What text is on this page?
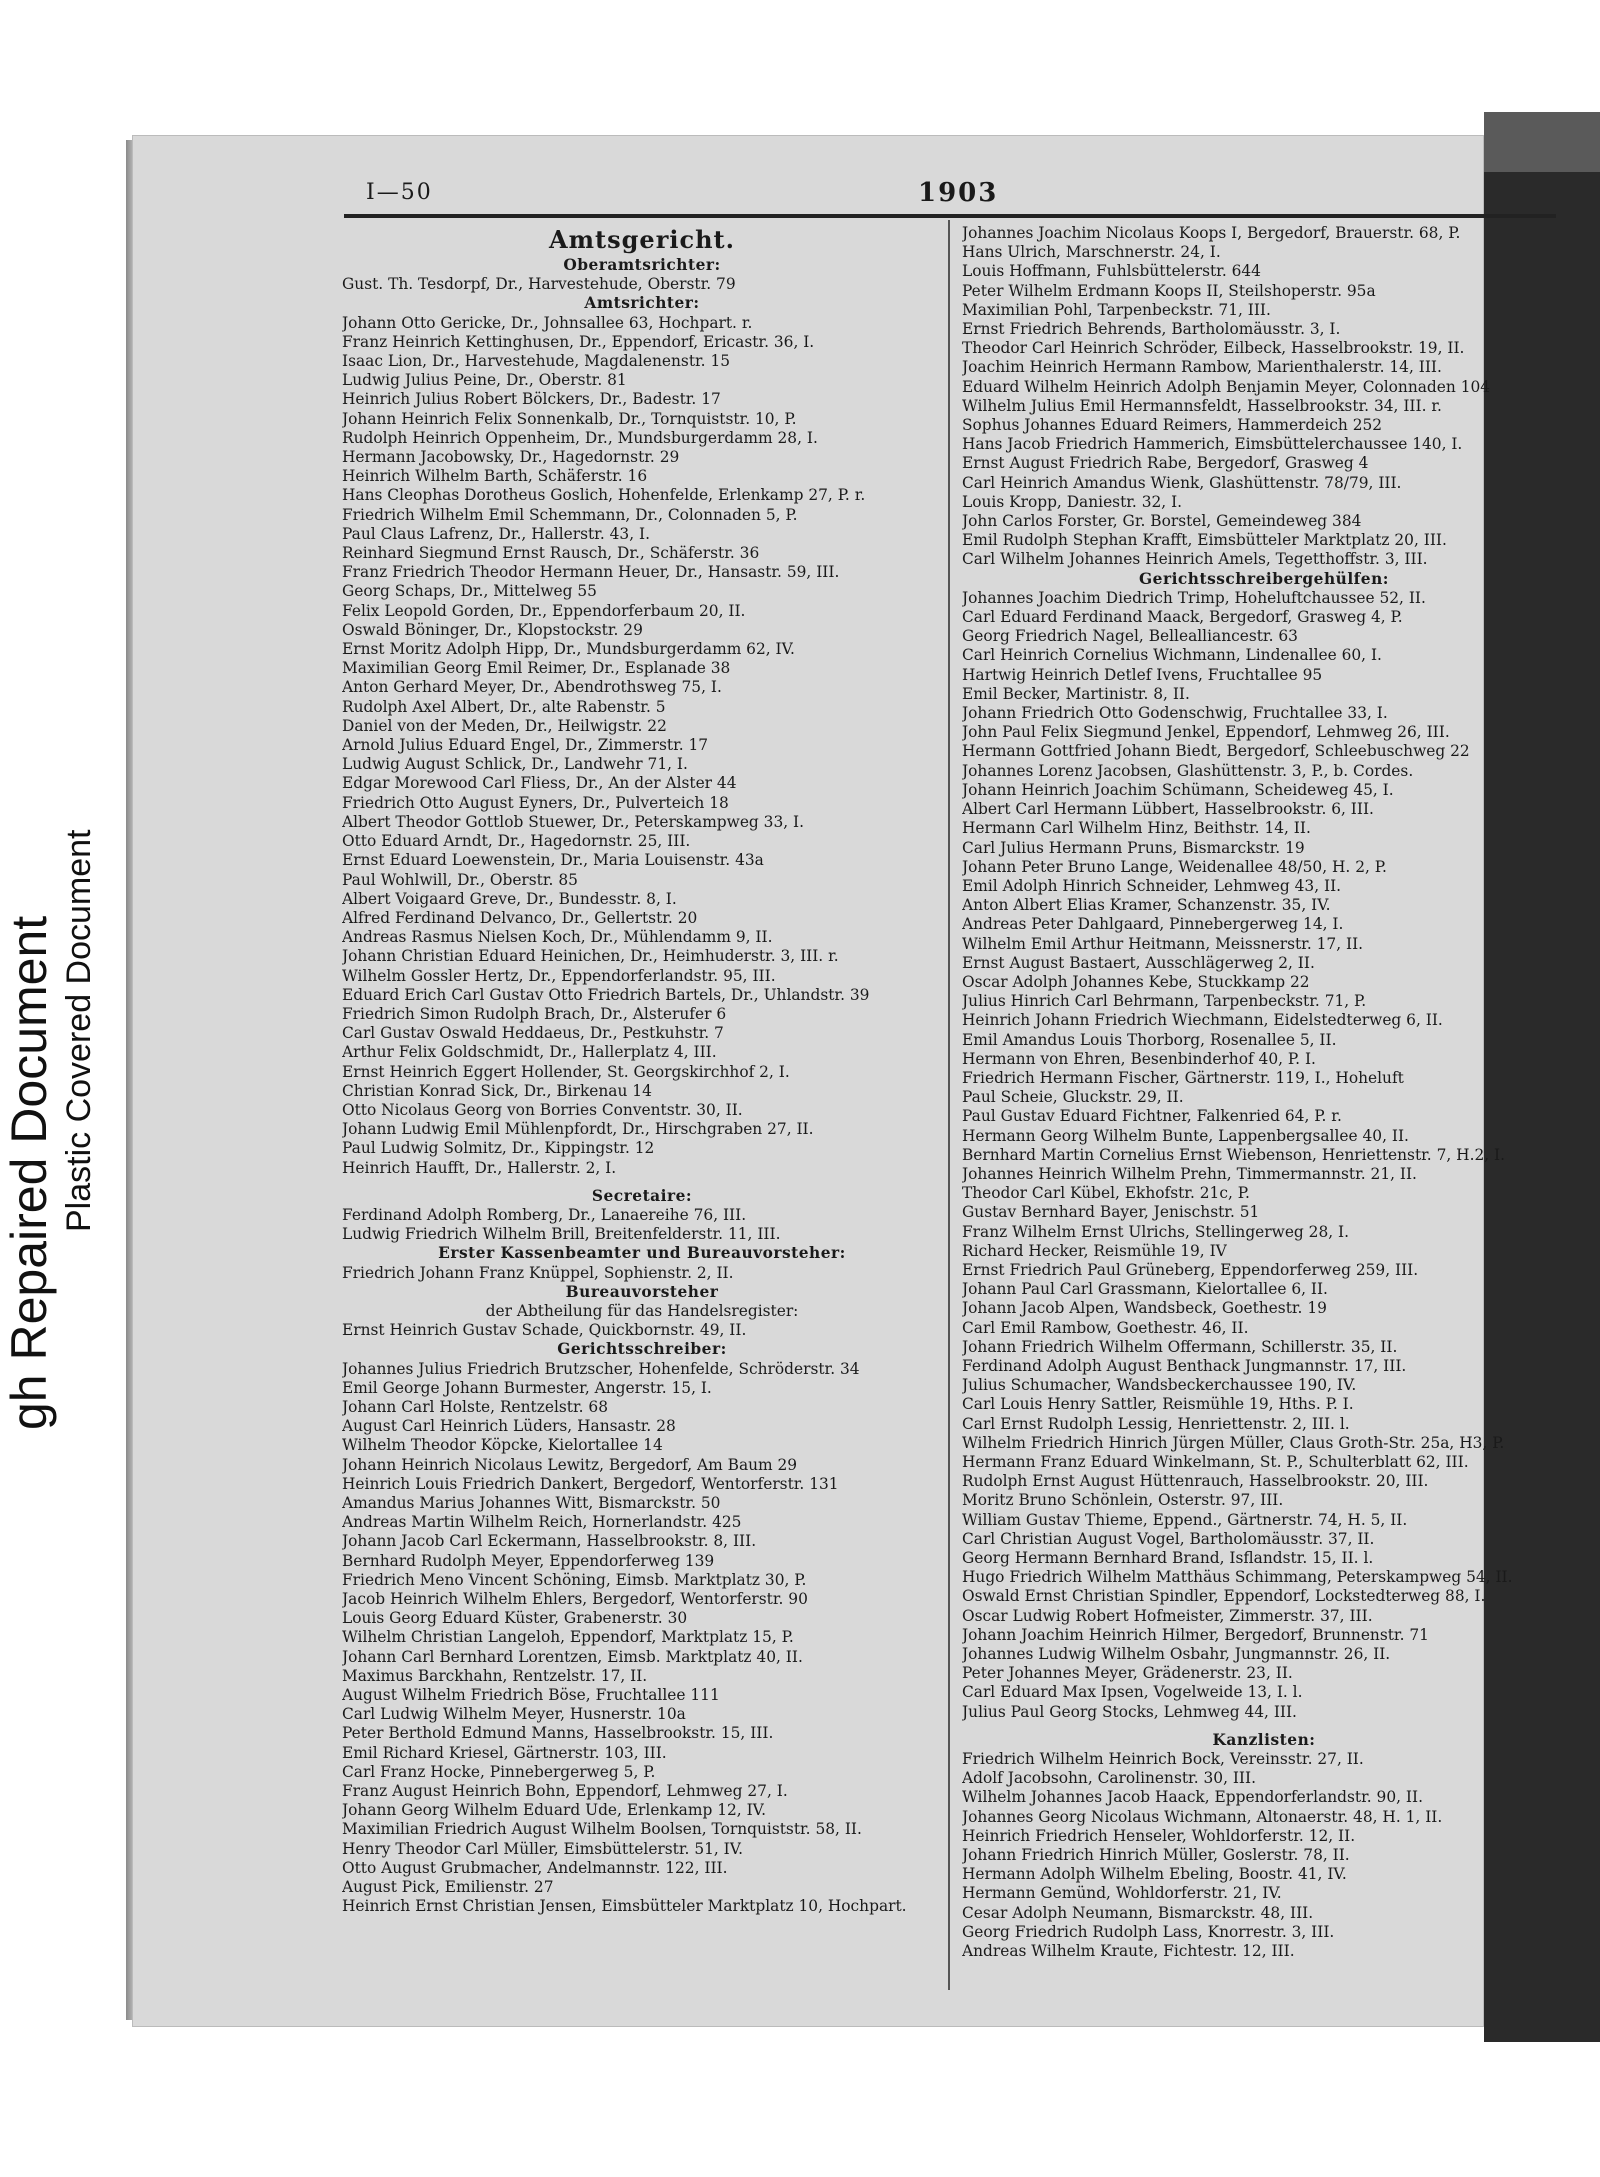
gh Repaired Document Plastic Covered Document
I—50	1903
Amtsgericht.
Oberamtsrichter:
Gust. Th. Tesdorpf, Dr., Harvestehude, Oberstr. 79
Amtsrichter:
Johann Otto Gericke, Dr., Johnsallee 63, Hochpart. r.
Franz Heinrich Kettinghusen, Dr., Eppendorf, Ericastr. 36, I.
Isaac Lion, Dr., Harvestehude, Magdalenenstr. 15
Ludwig Julius Peine, Dr., Oberstr. 81
Heinrich Julius Robert Bölckers, Dr., Badestr. 17
Johann Heinrich Felix Sonnenkalb, Dr., Tornquiststr. 10, P.
Rudolph Heinrich Oppenheim, Dr., Mundsburgerdamm 28, I.
Hermann Jacobowsky, Dr., Hagedornstr. 29
Heinrich Wilhelm Barth, Schäferstr. 16
Hans Cleophas Dorotheus Goslich, Hohenfelde, Erlenkamp 27, P. r.
Friedrich Wilhelm Emil Schemmann, Dr., Colonnaden 5, P.
Paul Claus Lafrenz, Dr., Hallerstr. 43, I.
Reinhard Siegmund Ernst Rausch, Dr., Schäferstr. 36
Franz Friedrich Theodor Hermann Heuer, Dr., Hansastr. 59, III.
Georg Schaps, Dr., Mittelweg 55
Felix Leopold Gorden, Dr., Eppendorferbaum 20, II.
Oswald Böninger, Dr., Klopstockstr. 29
Ernst Moritz Adolph Hipp, Dr., Mundsburgerdamm 62, IV.
Maximilian Georg Emil Reimer, Dr., Esplanade 38
Anton Gerhard Meyer, Dr., Abendrothsweg 75, I.
Rudolph Axel Albert, Dr., alte Rabenstr. 5
Daniel von der Meden, Dr., Heilwigstr. 22
Arnold Julius Eduard Engel, Dr., Zimmerstr. 17
Ludwig August Schlick, Dr., Landwehr 71, I.
Edgar Morewood Carl Fliess, Dr., An der Alster 44
Friedrich Otto August Eyners, Dr., Pulverteich 18
Albert Theodor Gottlob Stuewer, Dr., Peterskampweg 33, I.
Otto Eduard Arndt, Dr., Hagedornstr. 25, III.
Ernst Eduard Loewenstein, Dr., Maria Louisenstr. 43a
Paul Wohlwill, Dr., Oberstr. 85
Albert Voigaard Greve, Dr., Bundesstr. 8, I.
Alfred Ferdinand Delvanco, Dr., Gellertstr. 20
Andreas Rasmus Nielsen Koch, Dr., Mühlendamm 9, II.
Johann Christian Eduard Heinichen, Dr., Heimhuderstr. 3, III. r.
Wilhelm Gossler Hertz, Dr., Eppendorferlandstr. 95, III.
Eduard Erich Carl Gustav Otto Friedrich Bartels, Dr., Uhlandstr. 39
Friedrich Simon Rudolph Brach, Dr., Alsterufer 6
Carl Gustav Oswald Heddaeus, Dr., Pestkuhstr. 7
Arthur Felix Goldschmidt, Dr., Hallerplatz 4, III.
Ernst Heinrich Eggert Hollender, St. Georgskirchhof 2, I.
Christian Konrad Sick, Dr., Birkenau 14
Otto Nicolaus Georg von Borries Conventstr. 30, II.
Johann Ludwig Emil Mühlenpfordt, Dr., Hirschgraben 27, II.
Paul Ludwig Solmitz, Dr., Kippingstr. 12
Heinrich Haufft, Dr., Hallerstr. 2, I.
Secretaire:
Ferdinand Adolph Romberg, Dr., Lanaereihe 76, III.
Ludwig Friedrich Wilhelm Brill, Breitenfelderstr. 11, III.
Erster Kassenbeamter und Bureauvorsteher:
Friedrich Johann Franz Knüppel, Sophienstr. 2, II.
Bureauvorsteher
der Abtheilung für das Handelsregister:
Ernst Heinrich Gustav Schade, Quickbornstr. 49, II.
Gerichtsschreiber:
Johannes Julius Friedrich Brutzscher, Hohenfelde, Schröderstr. 34
Emil George Johann Burmester, Angerstr. 15, I.
Johann Carl Holste, Rentzelstr. 68
August Carl Heinrich Lüders, Hansastr. 28
Wilhelm Theodor Köpcke, Kielortallee 14
Johann Heinrich Nicolaus Lewitz, Bergedorf, Am Baum 29
Heinrich Louis Friedrich Dankert, Bergedorf, Wentorferstr. 131
Amandus Marius Johannes Witt, Bismarckstr. 50
Andreas Martin Wilhelm Reich, Hornerlandstr. 425
Johann Jacob Carl Eckermann, Hasselbrookstr. 8, III.
Bernhard Rudolph Meyer, Eppendorferweg 139
Friedrich Meno Vincent Schöning, Eimsb. Marktplatz 30, P.
Jacob Heinrich Wilhelm Ehlers, Bergedorf, Wentorferstr. 90
Louis Georg Eduard Küster, Grabenerstr. 30
Wilhelm Christian Langeloh, Eppendorf, Marktplatz 15, P.
Johann Carl Bernhard Lorentzen, Eimsb. Marktplatz 40, II.
Maximus Barckhahn, Rentzelstr. 17, II.
August Wilhelm Friedrich Böse, Fruchtallee 111
Carl Ludwig Wilhelm Meyer, Husnerstr. 10a
Peter Berthold Edmund Manns, Hasselbrookstr. 15, III.
Emil Richard Kriesel, Gärtnerstr. 103, III.
Carl Franz Hocke, Pinnebergerweg 5, P.
Franz August Heinrich Bohn, Eppendorf, Lehmweg 27, I.
Johann Georg Wilhelm Eduard Ude, Erlenkamp 12, IV.
Maximilian Friedrich August Wilhelm Boolsen, Tornquiststr. 58, II.
Henry Theodor Carl Müller, Eimsbüttelerstr. 51, IV.
Otto August Grubmacher, Andelmannstr. 122, III.
August Pick, Emilienstr. 27
Heinrich Ernst Christian Jensen, Eimsbütteler Marktplatz 10, Hochpart.
Johannes Joachim Nicolaus Koops I, Bergedorf, Brauerstr. 68, P.
Hans Ulrich, Marschnerstr. 24, I.
Louis Hoffmann, Fuhlsbüttelerstr. 644
Peter Wilhelm Erdmann Koops II, Steilshoperstr. 95a
Maximilian Pohl, Tarpenbeckstr. 71, III.
Ernst Friedrich Behrends, Bartholomäusstr. 3, I.
Theodor Carl Heinrich Schröder, Eilbeck, Hasselbrookstr. 19, II.
Joachim Heinrich Hermann Rambow, Marienthalerstr. 14, III.
Eduard Wilhelm Heinrich Adolph Benjamin Meyer, Colonnaden 104
Wilhelm Julius Emil Hermannsfeldt, Hasselbrookstr. 34, III. r.
Sophus Johannes Eduard Reimers, Hammerdeich 252
Hans Jacob Friedrich Hammerich, Eimsbüttelerchaussee 140, I.
Ernst August Friedrich Rabe, Bergedorf, Grasweg 4
Carl Heinrich Amandus Wienk, Glashüttenstr. 78/79, III.
Louis Kropp, Daniestr. 32, I.
John Carlos Forster, Gr. Borstel, Gemeindeweg 384
Emil Rudolph Stephan Krafft, Eimsbütteler Marktplatz 20, III.
Carl Wilhelm Johannes Heinrich Amels, Tegetthoffstr. 3, III.
Gerichtsschreibergehülfen:
Johannes Joachim Diedrich Trimp, Hoheluftchaussee 52, II.
Carl Eduard Ferdinand Maack, Bergedorf, Grasweg 4, P.
Georg Friedrich Nagel, Bellealliancestr. 63
Carl Heinrich Cornelius Wichmann, Lindenallee 60, I.
Hartwig Heinrich Detlef Ivens, Fruchtallee 95
Emil Becker, Martinistr. 8, II.
Johann Friedrich Otto Godenschwig, Fruchtallee 33, I.
John Paul Felix Siegmund Jenkel, Eppendorf, Lehmweg 26, III.
Hermann Gottfried Johann Biedt, Bergedorf, Schleebuschweg 22
Johannes Lorenz Jacobsen, Glashüttenstr. 3, P., b. Cordes.
Johann Heinrich Joachim Schümann, Scheideweg 45, I.
Albert Carl Hermann Lübbert, Hasselbrookstr. 6, III.
Hermann Carl Wilhelm Hinz, Beithstr. 14, II.
Carl Julius Hermann Pruns, Bismarckstr. 19
Johann Peter Bruno Lange, Weidenallee 48/50, H. 2, P.
Emil Adolph Hinrich Schneider, Lehmweg 43, II.
Anton Albert Elias Kramer, Schanzenstr. 35, IV.
Andreas Peter Dahlgaard, Pinnebergerweg 14, I.
Wilhelm Emil Arthur Heitmann, Meissnerstr. 17, II.
Ernst August Bastaert, Ausschlägerweg 2, II.
Oscar Adolph Johannes Kebe, Stuckkamp 22
Julius Hinrich Carl Behrmann, Tarpenbeckstr. 71, P.
Heinrich Johann Friedrich Wiechmann, Eidelstedterweg 6, II.
Emil Amandus Louis Thorborg, Rosenallee 5, II.
Hermann von Ehren, Besenbinderhof 40, P. I.
Friedrich Hermann Fischer, Gärtnerstr. 119, I., Hoheluft
Paul Scheie, Gluckstr. 29, II.
Paul Gustav Eduard Fichtner, Falkenried 64, P. r.
Hermann Georg Wilhelm Bunte, Lappenbergsallee 40, II.
Bernhard Martin Cornelius Ernst Wiebenson, Henriettenstr. 7, H.2, I.
Johannes Heinrich Wilhelm Prehn, Timmermannstr. 21, II.
Theodor Carl Kübel, Ekhofstr. 21c, P.
Gustav Bernhard Bayer, Jenischstr. 51
Franz Wilhelm Ernst Ulrichs, Stellingerweg 28, I.
Richard Hecker, Reismühle 19, IV
Ernst Friedrich Paul Grüneberg, Eppendorferweg 259, III.
Johann Paul Carl Grassmann, Kielortallee 6, II.
Johann Jacob Alpen, Wandsbeck, Goethestr. 19
Carl Emil Rambow, Goethestr. 46, II.
Johann Friedrich Wilhelm Offermann, Schillerstr. 35, II.
Ferdinand Adolph August Benthack Jungmannstr. 17, III.
Julius Schumacher, Wandsbeckerchaussee 190, IV.
Carl Louis Henry Sattler, Reismühle 19, Hths. P. I.
Carl Ernst Rudolph Lessig, Henriettenstr. 2, III. l.
Wilhelm Friedrich Hinrich Jürgen Müller, Claus Groth-Str. 25a, H3, P.
Hermann Franz Eduard Winkelmann, St. P., Schulterblatt 62, III.
Rudolph Ernst August Hüttenrauch, Hasselbrookstr. 20, III.
Moritz Bruno Schönlein, Osterstr. 97, III.
William Gustav Thieme, Eppend., Gärtnerstr. 74, H. 5, II.
Carl Christian August Vogel, Bartholomäusstr. 37, II.
Georg Hermann Bernhard Brand, Isflandstr. 15, II. l.
Hugo Friedrich Wilhelm Matthäus Schimmang, Peterskampweg 54, II.
Oswald Ernst Christian Spindler, Eppendorf, Lockstedterweg 88, I.
Oscar Ludwig Robert Hofmeister, Zimmerstr. 37, III.
Johann Joachim Heinrich Hilmer, Bergedorf, Brunnenstr. 71
Johannes Ludwig Wilhelm Osbahr, Jungmannstr. 26, II.
Peter Johannes Meyer, Grädenerstr. 23, II.
Carl Eduard Max Ipsen, Vogelweide 13, I. l.
Julius Paul Georg Stocks, Lehmweg 44, III.
Kanzlisten:
Friedrich Wilhelm Heinrich Bock, Vereinsstr. 27, II.
Adolf Jacobsohn, Carolinenstr. 30, III.
Wilhelm Johannes Jacob Haack, Eppendorferlandstr. 90, II.
Johannes Georg Nicolaus Wichmann, Altonaerstr. 48, H. 1, II.
Heinrich Friedrich Henseler, Wohldorferstr. 12, II.
Johann Friedrich Hinrich Müller, Goslerstr. 78, II.
Hermann Adolph Wilhelm Ebeling, Boostr. 41, IV.
Hermann Gemünd, Wohldorferstr. 21, IV.
Cesar Adolph Neumann, Bismarckstr. 48, III.
Georg Friedrich Rudolph Lass, Knorrestr. 3, III.
Andreas Wilhelm Kraute, Fichtestr. 12, III.
